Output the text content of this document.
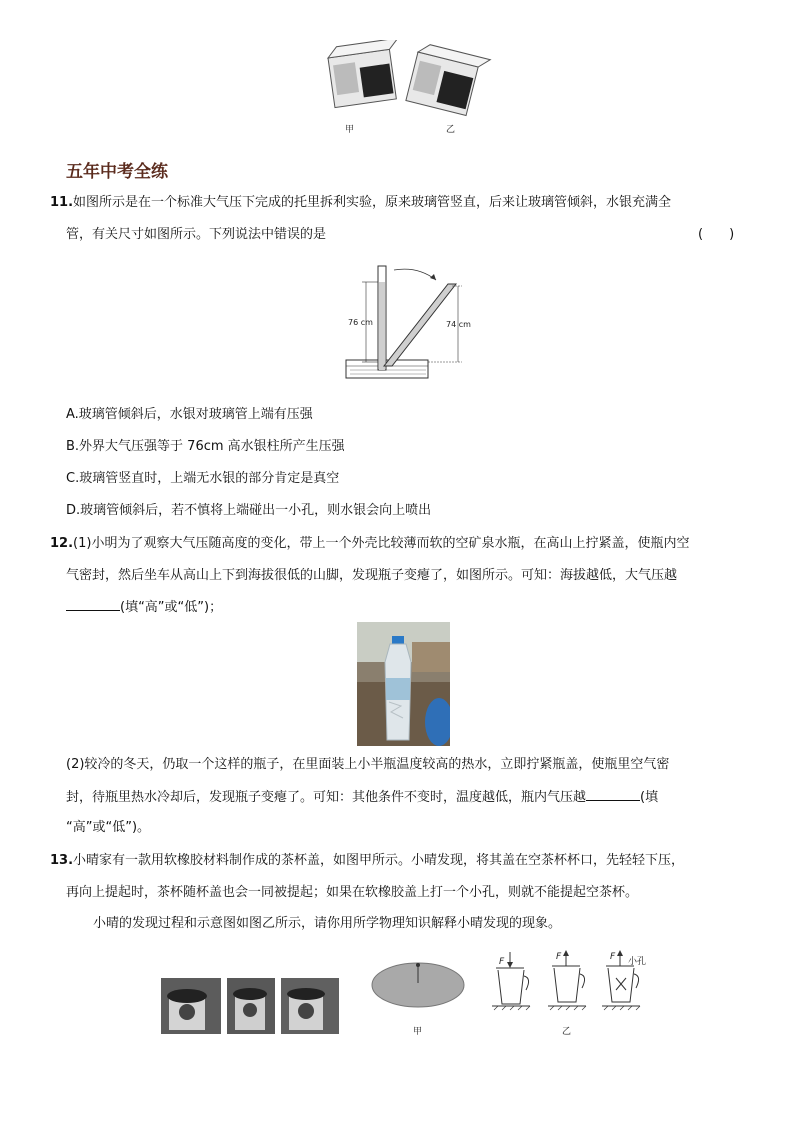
甲	乙
五年中考全练
11.如图所示是在一个标准大气压下完成的托里拆利实验，原来玻璃管竖直，后来让玻璃管倾斜，水银充满全
管，有关尺寸如图所示。下列说法中错误的是	(　　)
76 cm	74 cm
A.玻璃管倾斜后，水银对玻璃管上端有压强
B.外界大气压强等于 76cm 高水银柱所产生压强
C.玻璃管竖直时，上端无水银的部分肯定是真空
D.玻璃管倾斜后，若不慎将上端碰出一小孔，则水银会向上喷出
12.(1)小明为了观察大气压随高度的变化，带上一个外壳比较薄而软的空矿泉水瓶，在高山上拧紧盖，使瓶内空
气密封，然后坐车从高山上下到海拔很低的山脚，发现瓶子变瘪了，如图所示。可知：海拔越低，大气压越
(填“高”或“低”)；
(2)较冷的冬天，仍取一个这样的瓶子，在里面装上小半瓶温度较高的热水，立即拧紧瓶盖，使瓶里空气密
封，待瓶里热水冷却后，发现瓶子变瘪了。可知：其他条件不变时，温度越低，瓶内气压越	(填
“高”或“低”)。
13.小晴家有一款用软橡胶材料制作成的茶杯盖，如图甲所示。小晴发现，将其盖在空茶杯杯口，先轻轻下压，
再向上提起时，茶杯随杯盖也会一同被提起；如果在软橡胶盖上打一个小孔，则就不能提起空茶杯。
小晴的发现过程和示意图如图乙所示，请你用所学物理知识解释小晴发现的现象。
甲
F	F	F 小孔
乙
